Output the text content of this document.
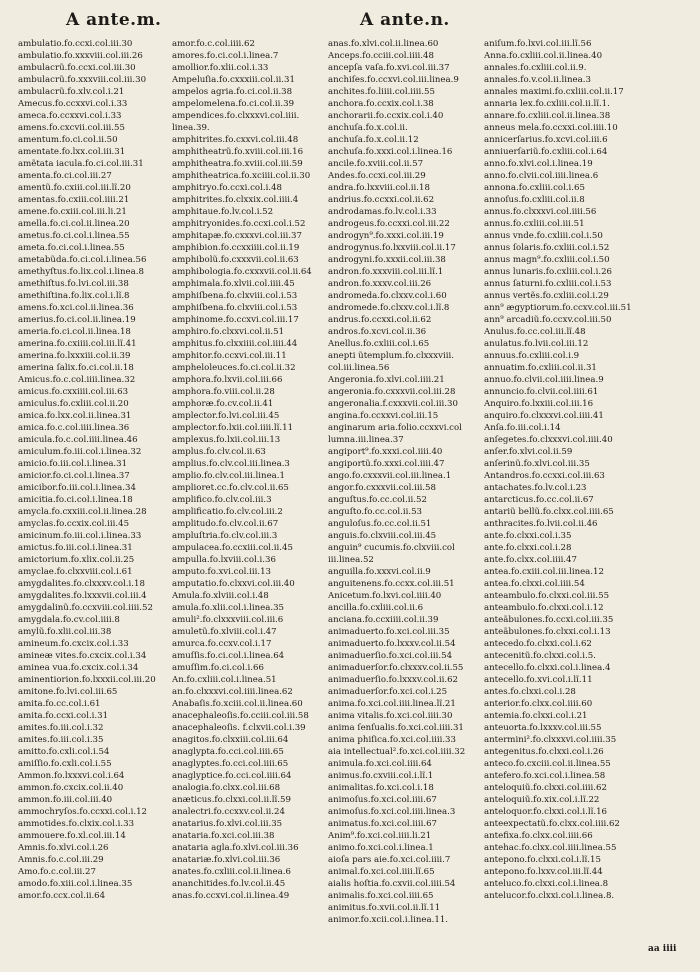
A ante.m.	A ante.n.
ambulatio.fo.ccxi.col.iii.30
ambulatio.fo.xxxviii.col.iii.26
ambulacrũ.fo.ccxi.col.iii.30
ambulacrũ.fo.xxxviii.col.iii.30
ambulacrũ.fo.xlv.col.i.21
Amecus.fo.ccxxvi.col.i.33
ameca.fo.ccxxvi.col.i.33
amens.fo.cxcvii.col.iii.55
amentum.fo.ci.col.ii.50
amentate.fo.lxx.col.iii.31
amẽtata iacula.fo.ci.col.iii.31
amenta.fo.ci.col.iii.27
amentũ.fo.cxiii.col.iii.lĩ.20
amentas.fo.cxiii.col.iiii.21
amene.fo.cxiii.col.iii.li.21
amella.fo.ci.col.ii.linea.20
ametus.fo.ci.col.i.linea.55
ameta.fo.ci.col.i.linea.55
ametabũda.fo.ci.col.i.linea.56
amethyſtus.fo.lix.col.i.linea.8
amethiſtus.fo.lvi.col.iii.38
amethiſtina.fo.lix.col.i.lĩ.8
amens.fo.xci.col.ii.linea.36
amerius.fo.ci.col.ii.linea.19
ameria.fo.ci.col.ii.linea.18
amerina.fo.cxiiii.col.iii.lĩ.41
amerina.fo.lxxxiii.col.ii.39
amerina ſalix.fo.ci.col.ii.18
Amicus.fo.c.col.iiii.linea.32
amicus.fo.cxxiiii.col.iii.63
amiculus.fo.cxliii.col.ii.20
amica.fo.lxx.col.ii.linea.31
amica.fo.c.col.iiii.linea.36
amicula.fo.c.col.iiii.linea.46
amiculum.fo.iii.col.i.linea.32
amicio.fo.iii.col.i.linea.31
amicior.fo.ci.col.i.linea.37
amicibor.fo.iii.col.i.linea.34
amicitia.fo.ci.col.i.linea.18
amycla.fo.cxxiii.col.ii.linea.28
amyclas.fo.ccxix.col.iii.45
amicinum.fo.iii.col.i.linea.33
amictus.fo.iii.col.i.linea.31
amictorium.fo.xlix.col.ii.25
amyclae.fo.clxxviii.col.i.61
amygdalites.fo.clxxxv.col.i.18
amygdalites.fo.lxxxvii.col.iii.4
amygdalinũ.fo.ccxviii.col.iiii.52
amygdala.fo.cv.col.iiii.8
amylũ.fo.xlii.col.iii.38
amineum.fo.cxcix.col.i.33
amineæ vites.fo.cxcix.col.i.34
aminea vua.fo.cxcix.col.i.34
aminentiorion.fo.lxxxii.col.iii.20
amitone.fo.lvi.col.iii.65
amita.fo.cc.col.i.61
amita.fo.ccxi.col.i.31
amites.fo.iii.col.i.32
amites.fo.iii.col.i.35
amitto.fo.cxli.col.i.54
amiſſio.fo.cxli.col.i.55
Ammon.fo.lxxxvi.col.i.64
ammon.fo.cxcix.col.ii.40
ammon.fo.iii.col.iii.40
ammochryſos.fo.ccxxi.col.i.12
ammotides.fo.clxix.col.i.33
ammouere.fo.xl.col.iii.14
Amnis.fo.xlvi.col.i.26
Amnis.fo.c.col.iii.29
Amo.fo.c.col.iii.27
amodo.fo.xiii.col.i.linea.35
amor.fo.ccx.col.ii.64
amor.fo.c.col.iiii.62
amores.fo.ci.col.i.linea.7
amollior.fo.xlii.col.i.33
Ampeluſia.fo.cxxxiii.col.ii.31
ampelos agria.fo.ci.col.ii.38
ampelomelena.fo.ci.col.ii.39
ampendices.fo.clxxxvi.col.iiii.
linea.39.
amphitrites.fo.cxxvi.col.iii.48
amphitheatrũ.fo.xviii.col.iii.16
amphitheatra.fo.xviii.col.iii.59
amphitheatrica.fo.xciiii.col.ii.30
amphitryo.fo.ccxi.col.i.48
amphitrites.fo.clxxix.col.iiii.4
amphitaue.fo.lv.col.i.52
amphitryonides.fo.ccxi.col.i.52
amphitapæ.fo.cxxxvi.col.iii.37
amphibion.fo.ccxxiiii.col.ii.19
amphibolũ.fo.cxxxvii.col.ii.63
amphibologia.fo.cxxxvii.col.ii.64
amphimala.fo.xlvii.col.iiii.45
amphiſbena.fo.clxviii.col.i.53
amphiſbena.fo.clxviii.col.i.53
amphinome.fo.ccxvi.col.iii.17
amphiro.fo.clxxvi.col.ii.51
amphitus.fo.clxxiiii.col.iiii.44
amphitor.fo.ccxvi.col.iii.11
ampheloleuces.fo.ci.col.ii.32
amphora.fo.lxvii.col.iii.66
amphora.fo.viii.col.ii.28
amphoræ.fo.cv.col.ii.41
amplector.fo.lvi.col.iii.45
amplector.fo.lxii.col.iiii.lĩ.11
amplexus.fo.lxii.col.iii.13
amplus.fo.clv.col.ii.63
amplius.fo.clv.col.iii.linea.3
amplio.fo.clv.col.iii.linea.1
amplioret.cc.fo.clv.col.ii.65
amplifico.fo.clv.col.iii.3
amplificatio.fo.clv.col.iii.2
amplitudo.fo.clv.col.ii.67
ampluſtria.fo.clv.col.iii.3
ampulacea.fo.ccxiii.col.ii.45
ampulla.fo.lxviii.col.i.36
amputo.fo.xvi.col.iii.13
amputatio.fo.clxxvi.col.iii.40
Amula.fo.xlviii.col.i.48
amula.fo.xlii.col.i.linea.35
amuli².fo.clxxxviii.col.iii.6
amuletũ.fo.xlviii.col.i.47
amurca.fo.ccxv.col.i.17
amuſſis.fo.ci.col.i.linea.64
amuſſim.fo.ci.col.i.66
An.fo.cxliii.col.i.linea.51
an.fo.clxxxvi.col.iiii.linea.62
Anabaſis.fo.xciii.col.ii.linea.60
anacephaleoſis.fo.cciii.col.iii.58
anacephaleoſis. f.clxvii.col.i.39
anagitos.fo.clxxiii.col.iii.64
anaglypta.fo.cci.col.iiii.65
anaglyptes.fo.cci.col.iiii.65
anaglyptice.fo.cci.col.iiii.64
analogia.fo.clxx.col.iii.68
anæticus.fo.clxxi.col.ii.lĩ.59
analectri.fo.ccxxv.col.ii.24
anatarius.fo.xlvi.col.iii.35
anataria.fo.xci.col.iii.38
anataria agla.fo.xlvi.col.iii.36
anatariæ.fo.xlvi.col.iii.36
anates.fo.cxliii.col.ii.linea.6
ananchitides.fo.lv.col.ii.45
anas.fo.ccxvi.col.ii.linea.49
anas.fo.xlvi.col.ii.linea.60
Anceps.fo.cciii.col.iiii.48
ancepſa vaſa.fo.xvi.col.iii.37
anchiſes.fo.ccxvi.col.iii.linea.9
anchites.fo.liiii.col.iiii.55
anchora.fo.ccxix.col.i.38
anchorarii.fo.ccxix.col.i.40
anchuſa.fo.x.col.ii.
anchuſa.fo.x.col.ii.12
anchuſa.fo.xxxi.col.i.linea.16
ancile.fo.xviii.col.ii.57
Andes.fo.ccxi.col.iii.29
andra.fo.lxxviii.col.ii.18
andrius.fo.ccxxi.col.ii.62
andrοdamas.fo.lv.col.i.33
androgeus.fo.ccxxi.col.iii.22
androgyn⁹.fo.xxxi.col.iii.19
androgynus.fo.lxxviii.col.ii.17
androgyni.fo.xxxii.col.iii.38
andron.fo.xxxviii.col.iii.lĩ.1
andron.fo.xxxv.col.iii.26
andromeda.fo.clxxv.col.i.60
andromede.fo.clxxv.col.i.lĩ.8
andrus.fo.ccxxi.col.ii.62
andros.fo.xcvi.col.ii.36
Anellus.fo.cxliii.col.i.65
anepti ũtemplum.fo.clxxxviii.
col.iii.linea.56
Angeronia.fo.xlvi.col.iiii.21
angeronia.fo.cxxxvii.col.iii.28
angeronalia.f.cxxxvii.col.iii.30
angina.fo.ccxxvi.col.iii.15
anginarum aria.folio.ccxxvi.col
lumna.iii.linea.37
angiport⁹.fo.xxxi.col.iiii.40
angiportũ.fo.xxxi.col.iiii.47
ango.fo.cxxxvii.col.iii.linea.1
angor.fo.cxxxvii.col.iii.58
anguſtus.fo.cc.col.ii.52
anguſto.fo.cc.col.ii.53
anguloſus.fo.cc.col.ii.51
anguis.fo.clxviii.col.iii.45
anguin⁹ cucumis.fo.clxviii.col
iii.linea.52
anguilla.fo.xxxvi.col.ii.9
anguitenens.fo.ccxx.col.iii.51
Anicetum.fo.lxvi.col.iiii.40
ancilla.fo.cxliii.col.ii.6
anciana.fo.ccxiiii.col.ii.39
animaduerto.fo.xci.col.iii.35
animaduerto.fo.lxxxv.col.ii.54
animaduerſio.fo.xci.col.iii.54
animaduerſor.fo.clxxxv.col.ii.55
animaduerſio.fo.lxxxv.col.ii.62
animaduerſor.fo.xci.col.i.25
anima.fo.xci.col.iiii.linea.lĩ.21
anima vitalis.fo.xci.col.iiii.30
anima ſenſualis.fo.xci.col.iiii.31
anima phiſica.fo.xci.col.iiii.33
aia intellectual².fo.xci.col.iiii.32
animula.fo.xci.col.iiii.64
animus.fo.cxviii.col.i.lĩ.1
animalitas.fo.xci.col.i.18
animoſus.fo.xci.col.iiii.67
animoſus.fo.xci.col.iiii.linea.3
animatus.fo.xci.col.iiii.67
Anim⁹.fo.xci.col.iiii.li.21
animo.fo.xci.col.i.linea.1
aioſa pars aie.fo.xci.col.iiii.7
animal.fo.xci.col.iiii.lĩ.65
aialis hoſtia.fo.cxvii.col.iiii.54
animalis.fo.xci.col.iiii.65
animitus.fo.xvii.col.ii.lĩ.11
animor.fo.xcii.col.i.linea.11.
aniſum.fo.lxvi.col.iii.lĩ.56
Anna.fo.cxliii.col.ii.linea.40
annales.fo.cxliii.col.ii.9.
annales.fo.v.col.ii.linea.3
annales maximi.fo.cxliii.col.ii.17
annaria lex.fo.cxliii.col.ii.lĩ.1.
annare.fo.cxliii.col.ii.linea.38
anneus mela.fo.ccxxi.col.iiii.10
annicerſarius.fo.xcvi.col.iii.6
anniuerſariũ.fo.cxliii.col.i.64
anno.fo.xlvi.col.i.linea.19
anno.fo.clvii.col.iiii.linea.6
annona.fo.cxliii.col.i.65
annoſus.fo.cxliii.col.ii.8
annus.fo.clxxxvi.col.iiii.56
annus.fo.cxliii.col.iii.51
annus vnde.fo.cxliii.col.i.50
annus ſolaris.fo.cxliii.col.i.52
annus magn⁹.fo.cxliii.col.i.50
annus lunaris.fo.cxliii.col.i.26
annus ſaturni.fo.cxliii.col.i.53
annus vertẽs.fo.cxliii.col.i.29
ann⁹ ægyptiorum.fo.ccxv.col.iii.51
ann⁹ arcadiũ.fo.ccxv.col.iii.50
Anulus.fo.cc.col.iii.lĩ.48
anulatus.fo.lvii.col.iii.12
annuus.fo.cxliii.col.i.9
annuatim.fo.cxliii.col.ii.31
annuo.fo.clvii.col.iiii.linea.9
annuncio.fo.clvii.col.iiii.61
Anquiro.fo.lxxiii.col.iii.16
anquiro.fo.clxxxvi.col.iiii.41
Anſa.fo.iii.col.i.14
anſegetes.fo.clxxxvi.col.iiii.40
anſer.fo.xlvi.col.ii.59
anſerinũ.fo.xlvi.col.iii.35
Antandros.fo.ccxxi.col.iii.63
antachates.fo.lv.col.i.23
antarcticus.fo.cc.col.ii.67
antariũ bellũ.fo.clxx.col.iiii.65
anthracites.fo.lvii.col.ii.46
ante.fo.clxxi.col.i.35
ante.fo.clxxi.col.i.28
ante.fo.clxx.col.iiii.47
antea.fo.cxiii.col.iii.linea.12
antea.fo.clxxi.col.iiii.54
anteambulo.fo.clxxi.col.iii.55
anteambulo.fo.clxxi.col.i.12
anteãbulones.fo.ccxi.col.iii.35
anteãbulones.fo.clxxi.col.i.13
antecedo.fo.clxxi.col.i.62
antecenitũ.fo.clxxi.col.i.5.
antecello.fo.clxxi.col.i.linea.4
antecello.fo.xvi.col.i.lĩ.11
antes.fo.clxxi.col.i.28
anterior.fo.clxx.col.iiii.60
antemia.fo.clxxi.col.i.21
anteuorta.fo.lxxxv.col.iii.55
antermini².fo.clxxxvi.col.iiii.35
antegenitus.fo.clxxi.col.i.26
anteco.fo.cxciii.col.ii.linea.55
antefero.fo.xci.col.i.linea.58
anteloquiũ.fo.clxxi.col.iiii.62
anteloquiũ.fo.xix.col.i.lĩ.22
anteloquor.fo.clxxi.col.i.lĩ.16
anteexpectatũ.fo.clxx.col.iiii.62
antefixa.fo.clxx.col.iiii.66
antehac.fo.clxx.col.iiii.linea.55
antepono.fo.clxxi.col.i.lĩ.15
antepono.fo.lxxv.col.iii.lĩ.44
anteluco.fo.clxxi.col.i.linea.8
antelucor.fo.clxxi.col.i.linea.8.
aa iiii
